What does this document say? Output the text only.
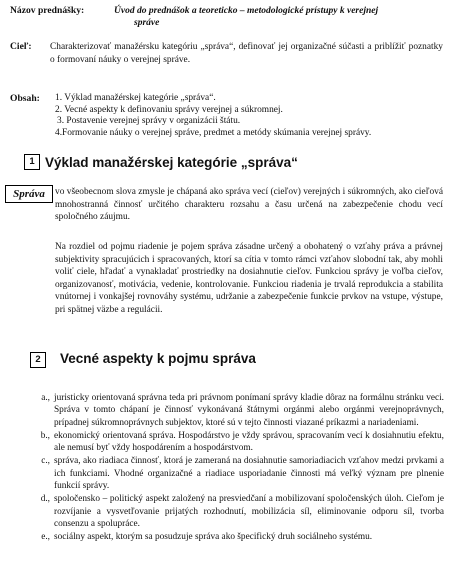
Názov prednášky:	Úvod do prednášok a teoreticko – metodologické prístupy k verejnej
správe
Cieľ: Charakterizovať manažérsku kategóriu „správa“, definovať jej organizačné súčasti a priblížiť poznatky o formovaní náuky o verejnej správe.
Obsah: 1. Výklad manažérskej kategórie „správa“.
2. Vecné aspekty k definovaniu správy verejnej a súkromnej.
3. Postavenie verejnej správy v organizácii štátu.
4.Formovanie náuky o verejnej správe, predmet a metódy skúmania verejnej správy.
1 Výklad manažérskej kategórie „správa“
Správa	vo všeobecnom slova zmysle je chápaná ako správa vecí (cieľov) verejných i súkromných, ako cieľová mnohostranná činnosť určitého charakteru rozsahu a času určená na zabezpečenie chodu vecí spoločného záujmu.
Na rozdiel od pojmu riadenie je pojem správa zásadne určený a obohatený o vzťahy práva a právnej subjektivity spracujúcich i spracovaných, ktorí sa cítia v tomto rámci vzťahov slobodní tak, aby mohli voliť ciele, hľadať a vynakladať prostriedky na dosiahnutie cieľov. Funkciou správy je voľba cieľov, organizovanosť, motivácia, vedenie, kontrolovanie. Funkciou riadenia je trvalá reprodukcia a stabilita vnútornej i vonkajšej rovnováhy systému, udržanie a zabezpečenie funkcie prvkov na vstupe, výstupe, pri spätnej väzbe a regulácii.
2	Vecné aspekty k pojmu správa
a., juristicky orientovaná správna teda pri právnom ponímaní správy kladie dôraz na formálnu stránku veci. Správa v tomto chápaní je činnosť vykonávaná štátnymi orgánmi alebo orgánmi verejnoprávnych, prípadnej súkromnoprávnych subjektov, ktoré sú v tejto činnosti viazané príkazmi a nariadeniami.
b., ekonomický orientovaná správa. Hospodárstvo je vždy správou, spracovaním vecí k dosiahnutiu efektu, ale nemusí byť vždy hospodárením a hospodárstvom.
c., správa, ako riadiaca činnosť, ktorá je zameraná na dosiahnutie samoriadiacich vzťahov medzi prvkami a ich funkciami. Vhodné organizačné a riadiace usporiadanie činnosti má veľký význam pre plnenie funkcií správy.
d., spoločensko – politický aspekt založený na presviedčaní a mobilizovaní spoločenských úloh. Cieľom je rozvíjanie a vysvetľovanie prijatých rozhodnutí, mobilizácia síl, eliminovanie odporu síl, tvorba consenzu a spolupráce.
e., sociálny aspekt, ktorým sa posudzuje správa ako špecifický druh sociálneho systému.
